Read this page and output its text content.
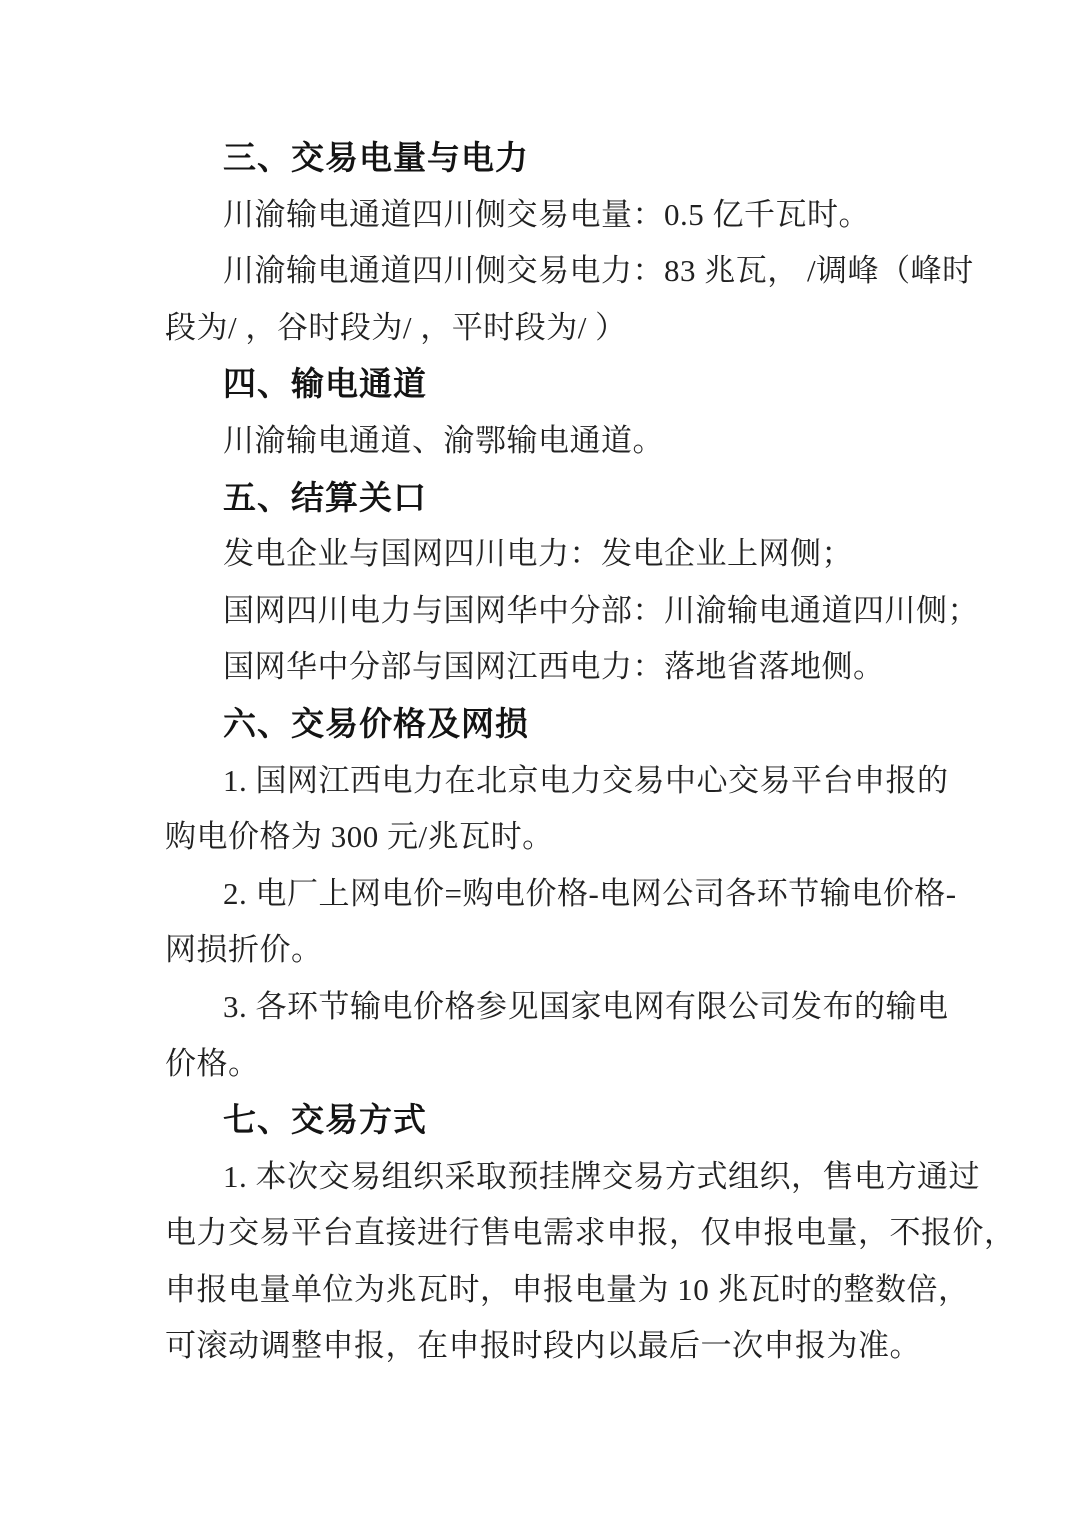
三、交易电量与电力
川渝输电通道四川侧交易电量：0.5 亿千瓦时。
川渝输电通道四川侧交易电力：83 兆瓦， /调峰（峰时
段为/ ，谷时段为/ ，平时段为/ ）
四、输电通道
川渝输电通道、渝鄂输电通道。
五、结算关口
发电企业与国网四川电力：发电企业上网侧；
国网四川电力与国网华中分部：川渝输电通道四川侧；
国网华中分部与国网江西电力：落地省落地侧。
六、交易价格及网损
1. 国网江西电力在北京电力交易中心交易平台申报的
购电价格为 300 元/兆瓦时。
2. 电厂上网电价=购电价格-电网公司各环节输电价格-
网损折价。
3. 各环节输电价格参见国家电网有限公司发布的输电
价格。
七、交易方式
1. 本次交易组织采取预挂牌交易方式组织，售电方通过
电力交易平台直接进行售电需求申报，仅申报电量，不报价，
申报电量单位为兆瓦时，申报电量为 10 兆瓦时的整数倍，
可滚动调整申报，在申报时段内以最后一次申报为准。
